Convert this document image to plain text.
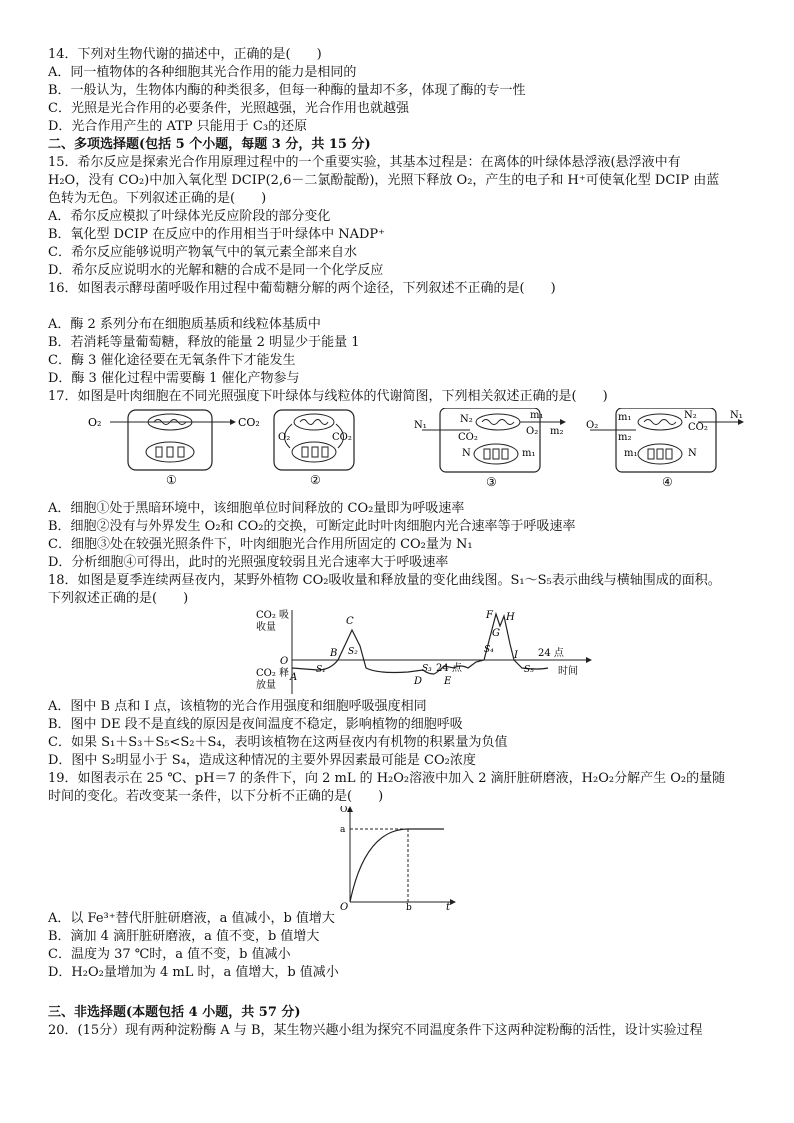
14．下列对生物代谢的描述中，正确的是(　　)
A．同一植物体的各种细胞其光合作用的能力是相同的
B．一般认为，生物体内酶的种类很多，但每一种酶的量却不多，体现了酶的专一性
C．光照是光合作用的必要条件，光照越强，光合作用也就越强
D．光合作用产生的 ATP 只能用于 C₃的还原
二、多项选择题(包括 5 个小题，每题 3 分，共 15 分)
15．希尔反应是探索光合作用原理过程中的一个重要实验，其基本过程是：在离体的叶绿体悬浮液(悬浮液中有
H₂O，没有 CO₂)中加入氧化型 DCIP(2,6－二氯酚靛酚)，光照下释放 O₂，产生的电子和 H⁺可使氧化型 DCIP 由蓝
色转为无色。下列叙述正确的是(　　)
A．希尔反应模拟了叶绿体光反应阶段的部分变化
B．氧化型 DCIP 在反应中的作用相当于叶绿体中 NADP⁺
C．希尔反应能够说明产物氧气中的氧元素全部来自水
D．希尔反应说明水的光解和糖的合成不是同一个化学反应
16．如图表示酵母菌呼吸作用过程中葡萄糖分解的两个途径，下列叙述不正确的是(　　)
A．酶 2 系列分布在细胞质基质和线粒体基质中
B．若消耗等量葡萄糖，释放的能量 2 明显少于能量 1
C．酶 3 催化途径要在无氧条件下才能发生
D．酶 3 催化过程中需要酶 1 催化产物参与
17．如图是叶肉细胞在不同光照强度下叶绿体与线粒体的代谢简图，下列相关叙述正确的是(　　)
O₂	CO₂
①
O₂	CO₂
②
N₁
N₂
CO₂
m₁
m₂
O₂
N	m₁
③
O₂
m₁
m₂
N₂
CO₂
N₁
m₁	N
④
A．细胞①处于黑暗环境中，该细胞单位时间释放的 CO₂量即为呼吸速率
B．细胞②没有与外界发生 O₂和 CO₂的交换，可断定此时叶肉细胞内光合速率等于呼吸速率
C．细胞③处在较强光照条件下，叶肉细胞光合作用所固定的 CO₂量为 N₁
D．分析细胞④可得出，此时的光照强度较弱且光合速率大于呼吸速率
18．如图是夏季连续两昼夜内，某野外植物 CO₂吸收量和释放量的变化曲线图。S₁～S₅表示曲线与横轴围成的面积。
下列叙述正确的是(　　)
CO₂ 吸
收量
CO₂ 释
放量
O
时间
A
B
C
D E
F
G
H
I
S₁
S₂
S₃
S₄
S₅
24 点
24 点
A．图中 B 点和 I 点，该植物的光合作用强度和细胞呼吸强度相同
B．图中 DE 段不是直线的原因是夜间温度不稳定，影响植物的细胞呼吸
C．如果 S₁＋S₃＋S₅<S₂＋S₄，表明该植物在这两昼夜内有机物的积累量为负值
D．图中 S₂明显小于 S₄，造成这种情况的主要外界因素最可能是 CO₂浓度
19．如图表示在 25 ℃、pH＝7 的条件下，向 2 mL 的 H₂O₂溶液中加入 2 滴肝脏研磨液，H₂O₂分解产生 O₂的量随
时间的变化。若改变某一条件，以下分析不正确的是(　　)
O₂
a
O	b	t
A．以 Fe³⁺替代肝脏研磨液，a 值减小，b 值增大
B．滴加 4 滴肝脏研磨液，a 值不变，b 值增大
C．温度为 37 ℃时，a 值不变，b 值减小
D．H₂O₂量增加为 4 mL 时，a 值增大，b 值减小
三、非选择题(本题包括 4 小题，共 57 分)
20．(15分）现有两种淀粉酶 A 与 B，某生物兴趣小组为探究不同温度条件下这两种淀粉酶的活性，设计实验过程
